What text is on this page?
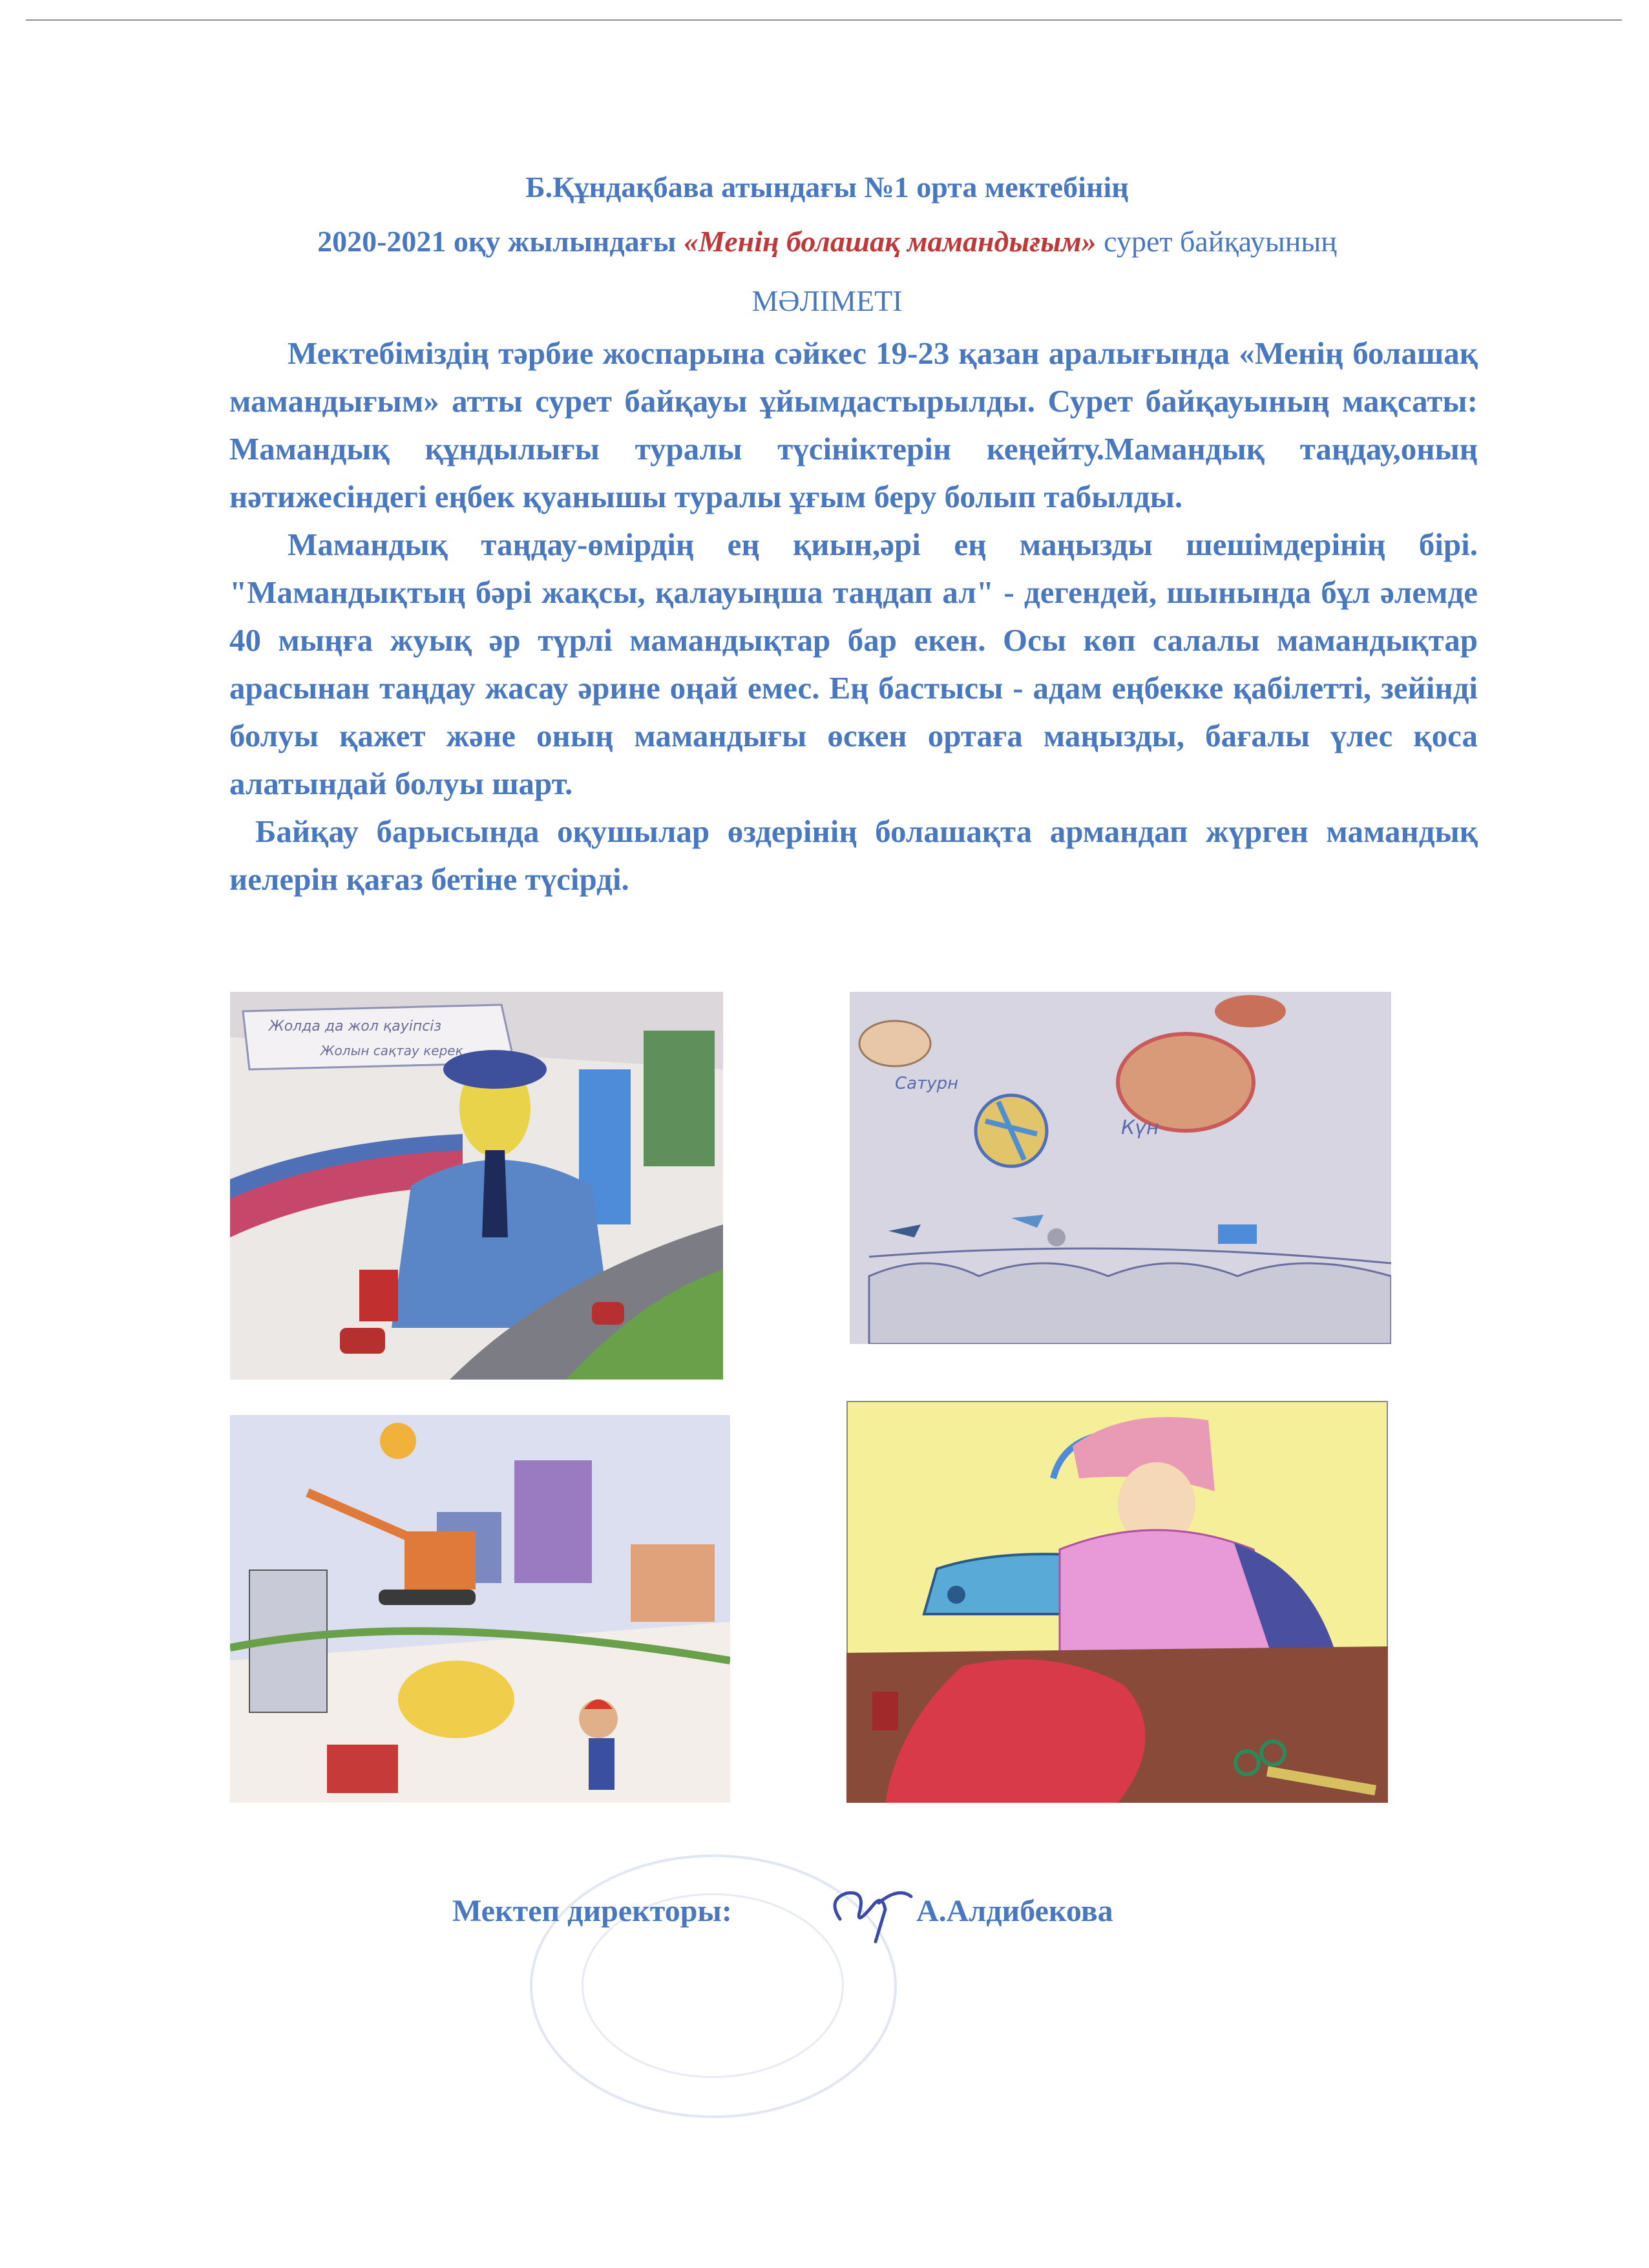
Б.Құндақбава атындағы №1 орта мектебінің
2020-2021 оқу жылындағы «Менің болашақ мамандығым» сурет байқауының
МӘЛІМЕТІ

Мектебіміздің тәрбие жоспарына сәйкес 19-23 қазан аралығында «Менің болашақ мамандығым» атты сурет байқауы ұйымдастырылды. Сурет байқауының мақсаты: Мамандық құндылығы туралы түсініктерін кеңейту.Мамандық таңдау,оның нәтижесіндегі еңбек қуанышы туралы ұғым беру болып табылды.

Мамандық таңдау-өмірдің ең қиын,әрі ең маңызды шешімдерінің бірі. "Мамандықтың бәрі жақсы, қалауыңша таңдап ал" - дегендей, шынында бұл әлемде 40 мыңға жуық әр түрлі мамандықтар бар екен. Осы көп салалы мамандықтар арасынан таңдау жасау әрине оңай емес. Ең бастысы - адам еңбекке қабілетті, зейінді болуы қажет және оның мамандығы өскен ортаға маңызды, бағалы үлес қоса алатындай болуы шарт.

Байқау барысында оқушылар өздерінің болашақта армандап жүрген мамандық иелерін қағаз бетіне түсірді.

Жолда да жол қауіпсіз
Жолын сақтау керек
Сатурн
Күн
Мектеп директоры:	А.Алдибекова
